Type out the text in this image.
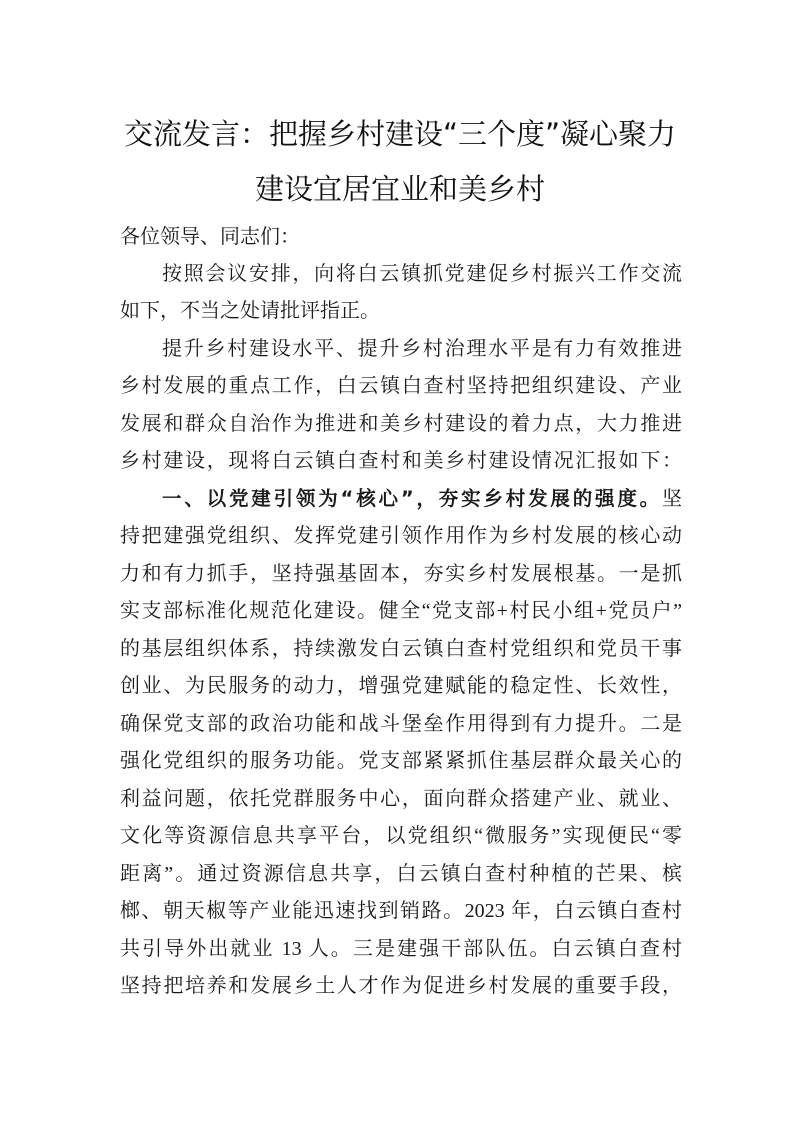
交流发言：把握乡村建设“三个度”凝心聚力
建设宜居宜业和美乡村
各位领导、同志们：
按照会议安排，向将白云镇抓党建促乡村振兴工作交流
如下，不当之处请批评指正。
提升乡村建设水平、提升乡村治理水平是有力有效推进
乡村发展的重点工作，白云镇白查村坚持把组织建设、产业
发展和群众自治作为推进和美乡村建设的着力点，大力推进
乡村建设，现将白云镇白查村和美乡村建设情况汇报如下：
一、以党建引领为“核心”，夯实乡村发展的强度。坚
持把建强党组织、发挥党建引领作用作为乡村发展的核心动
力和有力抓手，坚持强基固本，夯实乡村发展根基。一是抓
实支部标准化规范化建设。健全“党支部+村民小组+党员户”
的基层组织体系，持续激发白云镇白查村党组织和党员干事
创业、为民服务的动力，增强党建赋能的稳定性、长效性，
确保党支部的政治功能和战斗堡垒作用得到有力提升。二是
强化党组织的服务功能。党支部紧紧抓住基层群众最关心的
利益问题，依托党群服务中心，面向群众搭建产业、就业、
文化等资源信息共享平台，以党组织“微服务”实现便民“零
距离”。通过资源信息共享，白云镇白查村种植的芒果、槟
榔、朝天椒等产业能迅速找到销路。2023 年，白云镇白查村
共引导外出就业 13 人。三是建强干部队伍。白云镇白查村
坚持把培养和发展乡土人才作为促进乡村发展的重要手段，
